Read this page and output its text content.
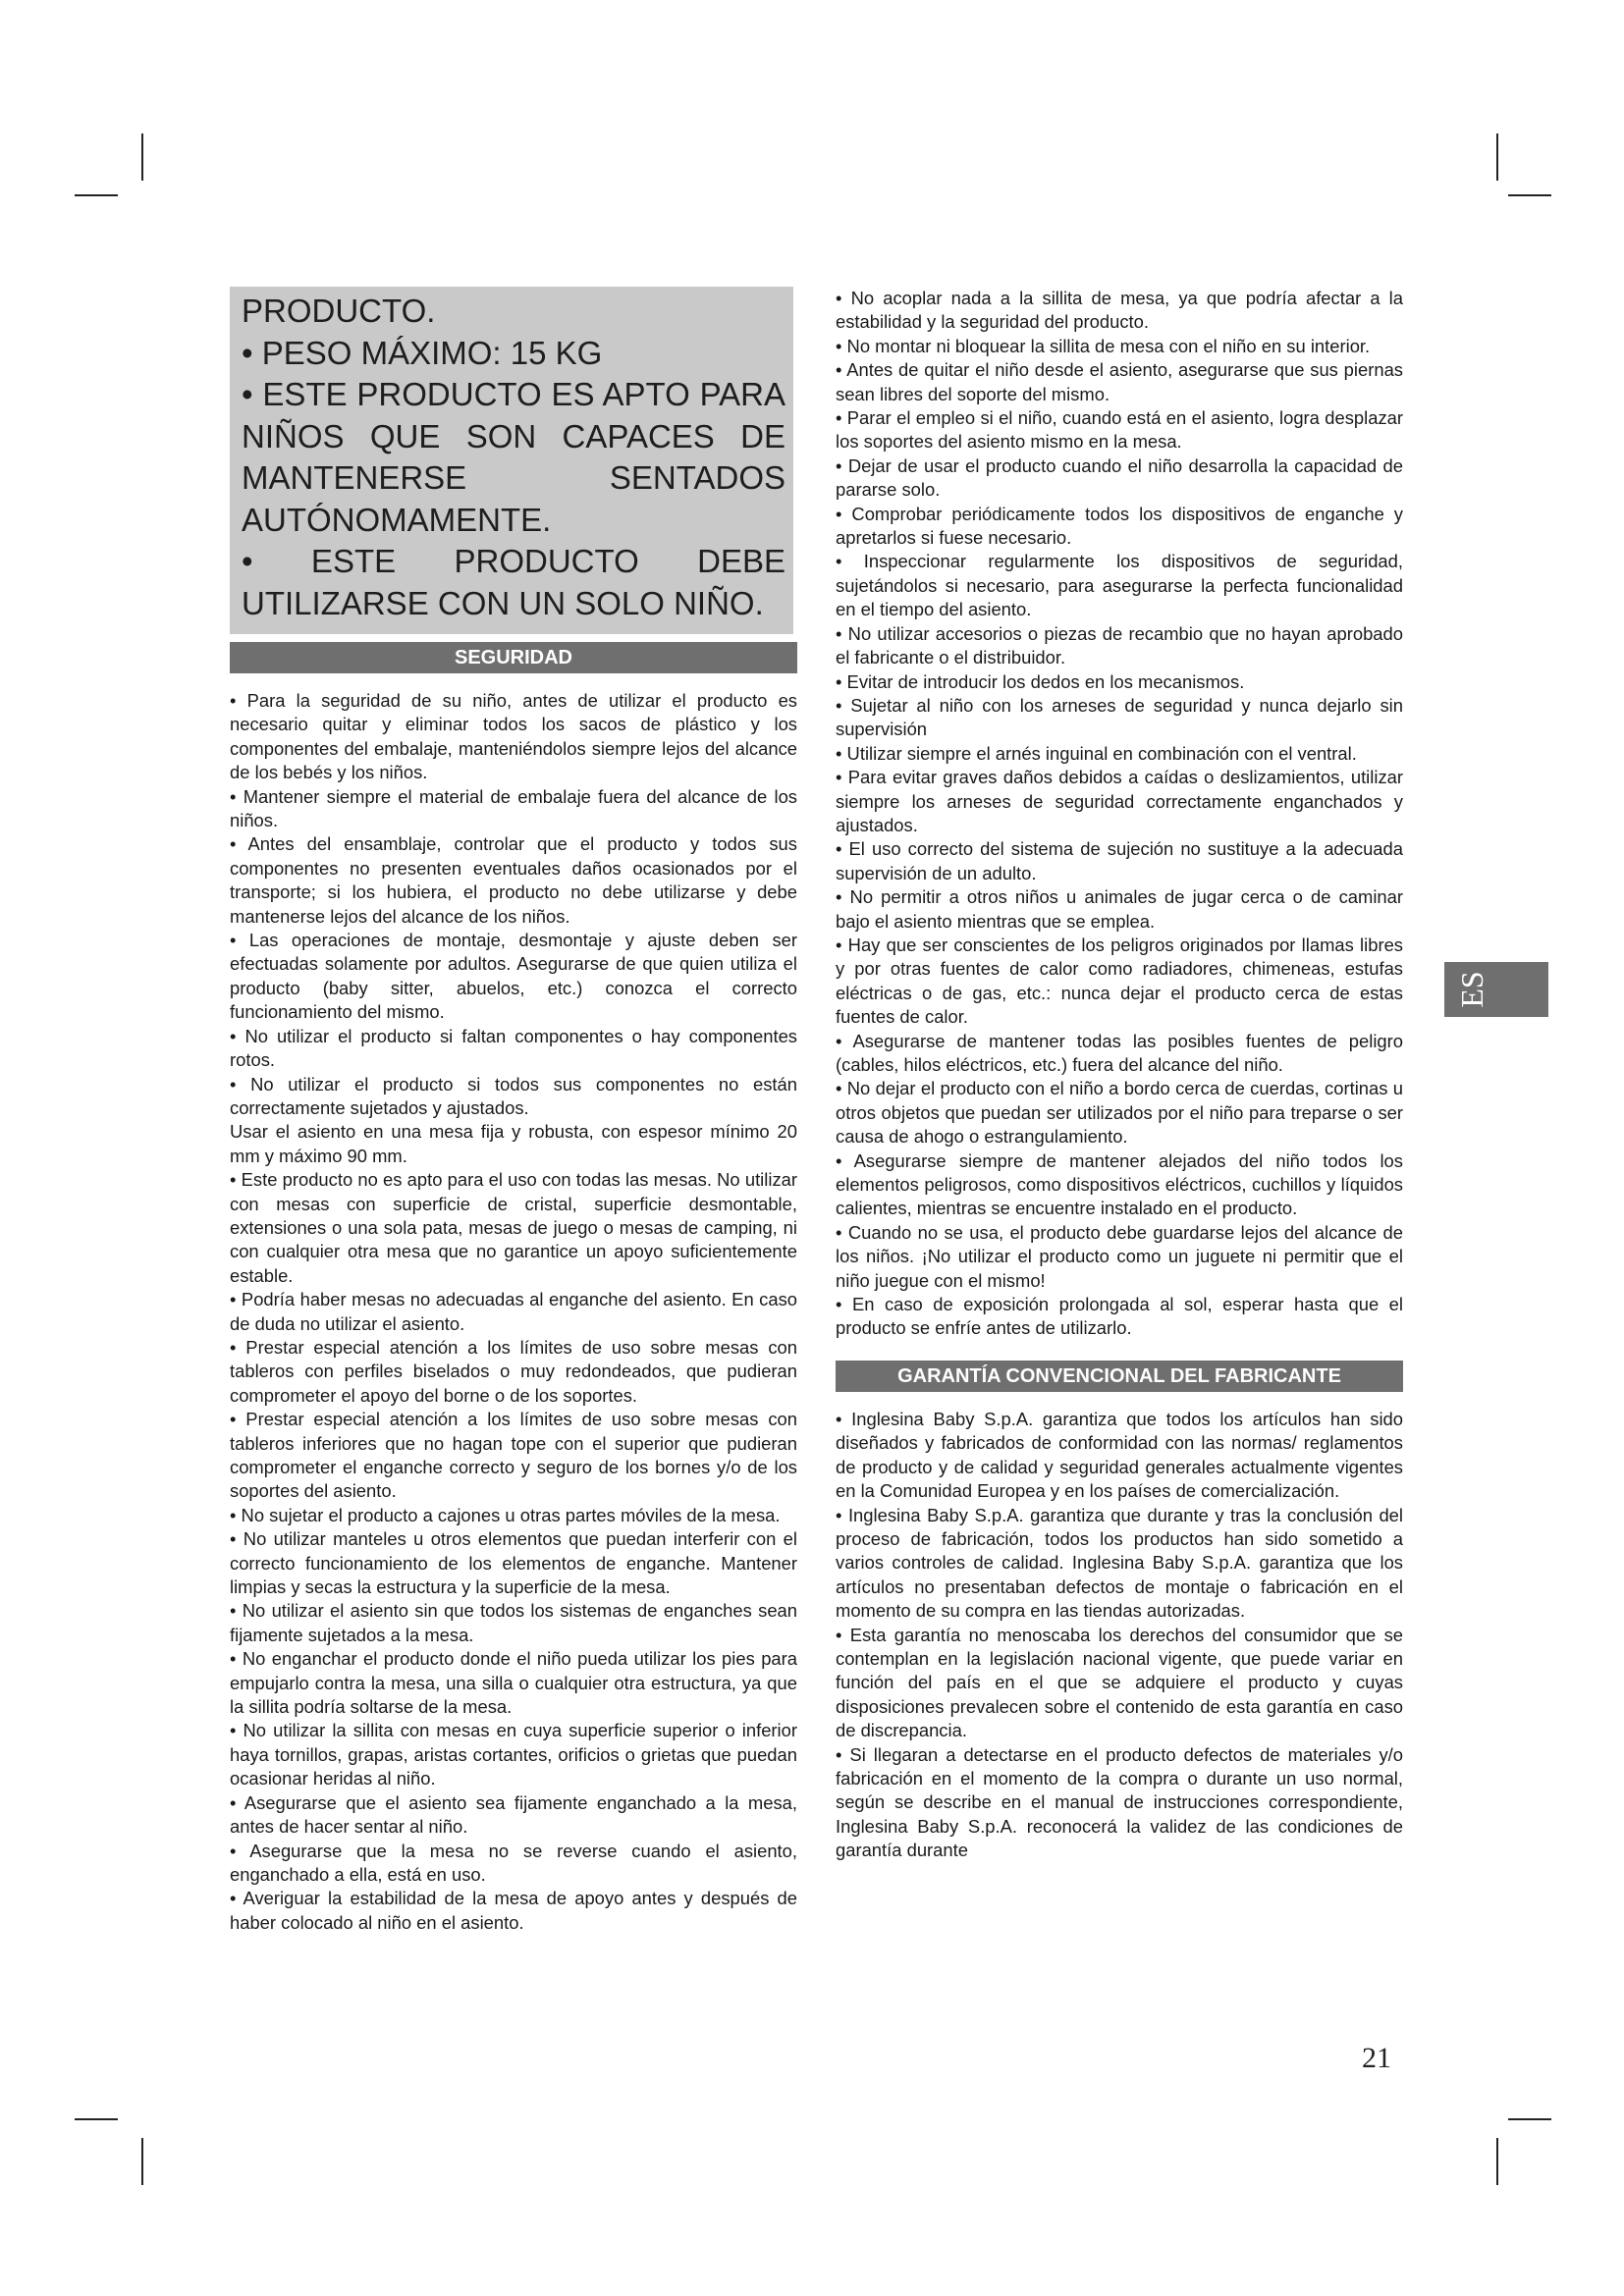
PRODUCTO.

• PESO MÁXIMO: 15 KG

• ESTE PRODUCTO ES APTO PARA NIÑOS QUE SON CAPACES DE MANTENERSE SENTADOS AUTÓNOMAMENTE.

• ESTE PRODUCTO DEBE UTILIZARSE CON UN SOLO NIÑO.

SEGURIDAD

• Para la seguridad de su niño, antes de utilizar el producto es necesario quitar y eliminar todos los sacos de plástico y los componentes del embalaje, manteniéndolos siempre lejos del alcance de los bebés y los niños.

• Mantener siempre el material de embalaje fuera del alcance de los niños.

• Antes del ensamblaje, controlar que el producto y todos sus componentes no presenten eventuales daños ocasionados por el transporte; si los hubiera, el producto no debe utilizarse y debe mantenerse lejos del alcance de los niños.

• Las operaciones de montaje, desmontaje y ajuste deben ser efectuadas solamente por adultos. Asegurarse de que quien utiliza el producto (baby sitter, abuelos, etc.) conozca el correcto funcionamiento del mismo.

• No utilizar el producto si faltan componentes o hay componentes rotos.

• No utilizar el producto si todos sus componentes no están correctamente sujetados y ajustados.

Usar el asiento en una mesa fija y robusta, con espesor mínimo 20 mm y máximo 90 mm.

• Este producto no es apto para el uso con todas las mesas. No utilizar con mesas con superficie de cristal, superficie desmontable, extensiones o una sola pata, mesas de juego o mesas de camping, ni con cualquier otra mesa que no garantice un apoyo suficientemente estable.

• Podría haber mesas no adecuadas al enganche del asiento. En caso de duda no utilizar el asiento.

• Prestar especial atención a los límites de uso sobre mesas con tableros con perfiles biselados o muy redondeados, que pudieran comprometer el apoyo del borne o de los soportes.

• Prestar especial atención a los límites de uso sobre mesas con tableros inferiores que no hagan tope con el superior que pudieran comprometer el enganche correcto y seguro de los bornes y/o de los soportes del asiento.

• No sujetar el producto a cajones u otras partes móviles de la mesa.

• No utilizar manteles u otros elementos que puedan interferir con el correcto funcionamiento de los elementos de enganche. Mantener limpias y secas la estructura y la superficie de la mesa.

• No utilizar el asiento sin que todos los sistemas de enganches sean fijamente sujetados a la mesa.

• No enganchar el producto donde el niño pueda utilizar los pies para empujarlo contra la mesa, una silla o cualquier otra estructura, ya que la sillita podría soltarse de la mesa.

• No utilizar la sillita con mesas en cuya superficie superior o inferior haya tornillos, grapas, aristas cortantes, orificios o grietas que puedan ocasionar heridas al niño.

• Asegurarse que el asiento sea fijamente enganchado a la mesa, antes de hacer sentar al niño.

• Asegurarse que la mesa no se reverse cuando el asiento, enganchado a ella, está en uso.

• Averiguar la estabilidad de la mesa de apoyo antes y después de haber colocado al niño en el asiento.

• No acoplar nada a la sillita de mesa, ya que podría afectar a la estabilidad y la seguridad del producto.

• No montar ni bloquear la sillita de mesa con el niño en su interior.

• Antes de quitar el niño desde el asiento, asegurarse que sus piernas sean libres del soporte del mismo.

• Parar el empleo si el niño, cuando está en el asiento, logra desplazar los soportes del asiento mismo en la mesa.

• Dejar de usar el producto cuando el niño desarrolla la capacidad de pararse solo.

• Comprobar periódicamente todos los dispositivos de enganche y apretarlos si fuese necesario.

• Inspeccionar regularmente los dispositivos de seguridad, sujetándolos si necesario, para asegurarse la perfecta funcionalidad en el tiempo del asiento.

• No utilizar accesorios o piezas de recambio que no hayan aprobado el fabricante o el distribuidor.

• Evitar de introducir los dedos en los mecanismos.

• Sujetar al niño con los arneses de seguridad y nunca dejarlo sin supervisión

• Utilizar siempre el arnés inguinal en combinación con el ventral.

• Para evitar graves daños debidos a caídas o deslizamientos, utilizar siempre los arneses de seguridad correctamente enganchados y ajustados.

• El uso correcto del sistema de sujeción no sustituye a la adecuada supervisión de un adulto.

• No permitir a otros niños u animales de jugar cerca o de caminar bajo el asiento mientras que se emplea.

• Hay que ser conscientes de los peligros originados por llamas libres y por otras fuentes de calor como radiadores, chimeneas, estufas eléctricas o de gas, etc.: nunca dejar el producto cerca de estas fuentes de calor.

• Asegurarse de mantener todas las posibles fuentes de peligro (cables, hilos eléctricos, etc.) fuera del alcance del niño.

• No dejar el producto con el niño a bordo cerca de cuerdas, cortinas u otros objetos que puedan ser utilizados por el niño para treparse o ser causa de ahogo o estrangulamiento.

• Asegurarse siempre de mantener alejados del niño todos los elementos peligrosos, como dispositivos eléctricos, cuchillos y líquidos calientes, mientras se encuentre instalado en el producto.

• Cuando no se usa, el producto debe guardarse lejos del alcance de los niños. ¡No utilizar el producto como un juguete ni permitir que el niño juegue con el mismo!

• En caso de exposición prolongada al sol, esperar hasta que el producto se enfríe antes de utilizarlo.

GARANTÍA CONVENCIONAL DEL FABRICANTE

• Inglesina Baby S.p.A. garantiza que todos los artículos han sido diseñados y fabricados de conformidad con las normas/ reglamentos de producto y de calidad y seguridad generales actualmente vigentes en la Comunidad Europea y en los países de comercialización.

• Inglesina Baby S.p.A. garantiza que durante y tras la conclusión del proceso de fabricación, todos los productos han sido sometido a varios controles de calidad. Inglesina Baby S.p.A. garantiza que los artículos no presentaban defectos de montaje o fabricación en el momento de su compra en las tiendas autorizadas.

• Esta garantía no menoscaba los derechos del consumidor que se contemplan en la legislación nacional vigente, que puede variar en función del país en el que se adquiere el producto y cuyas disposiciones prevalecen sobre el contenido de esta garantía en caso de discrepancia.

• Si llegaran a detectarse en el producto defectos de materiales y/o fabricación en el momento de la compra o durante un uso normal, según se describe en el manual de instrucciones correspondiente, Inglesina Baby S.p.A. reconocerá la validez de las condiciones de garantía durante

ES
21
